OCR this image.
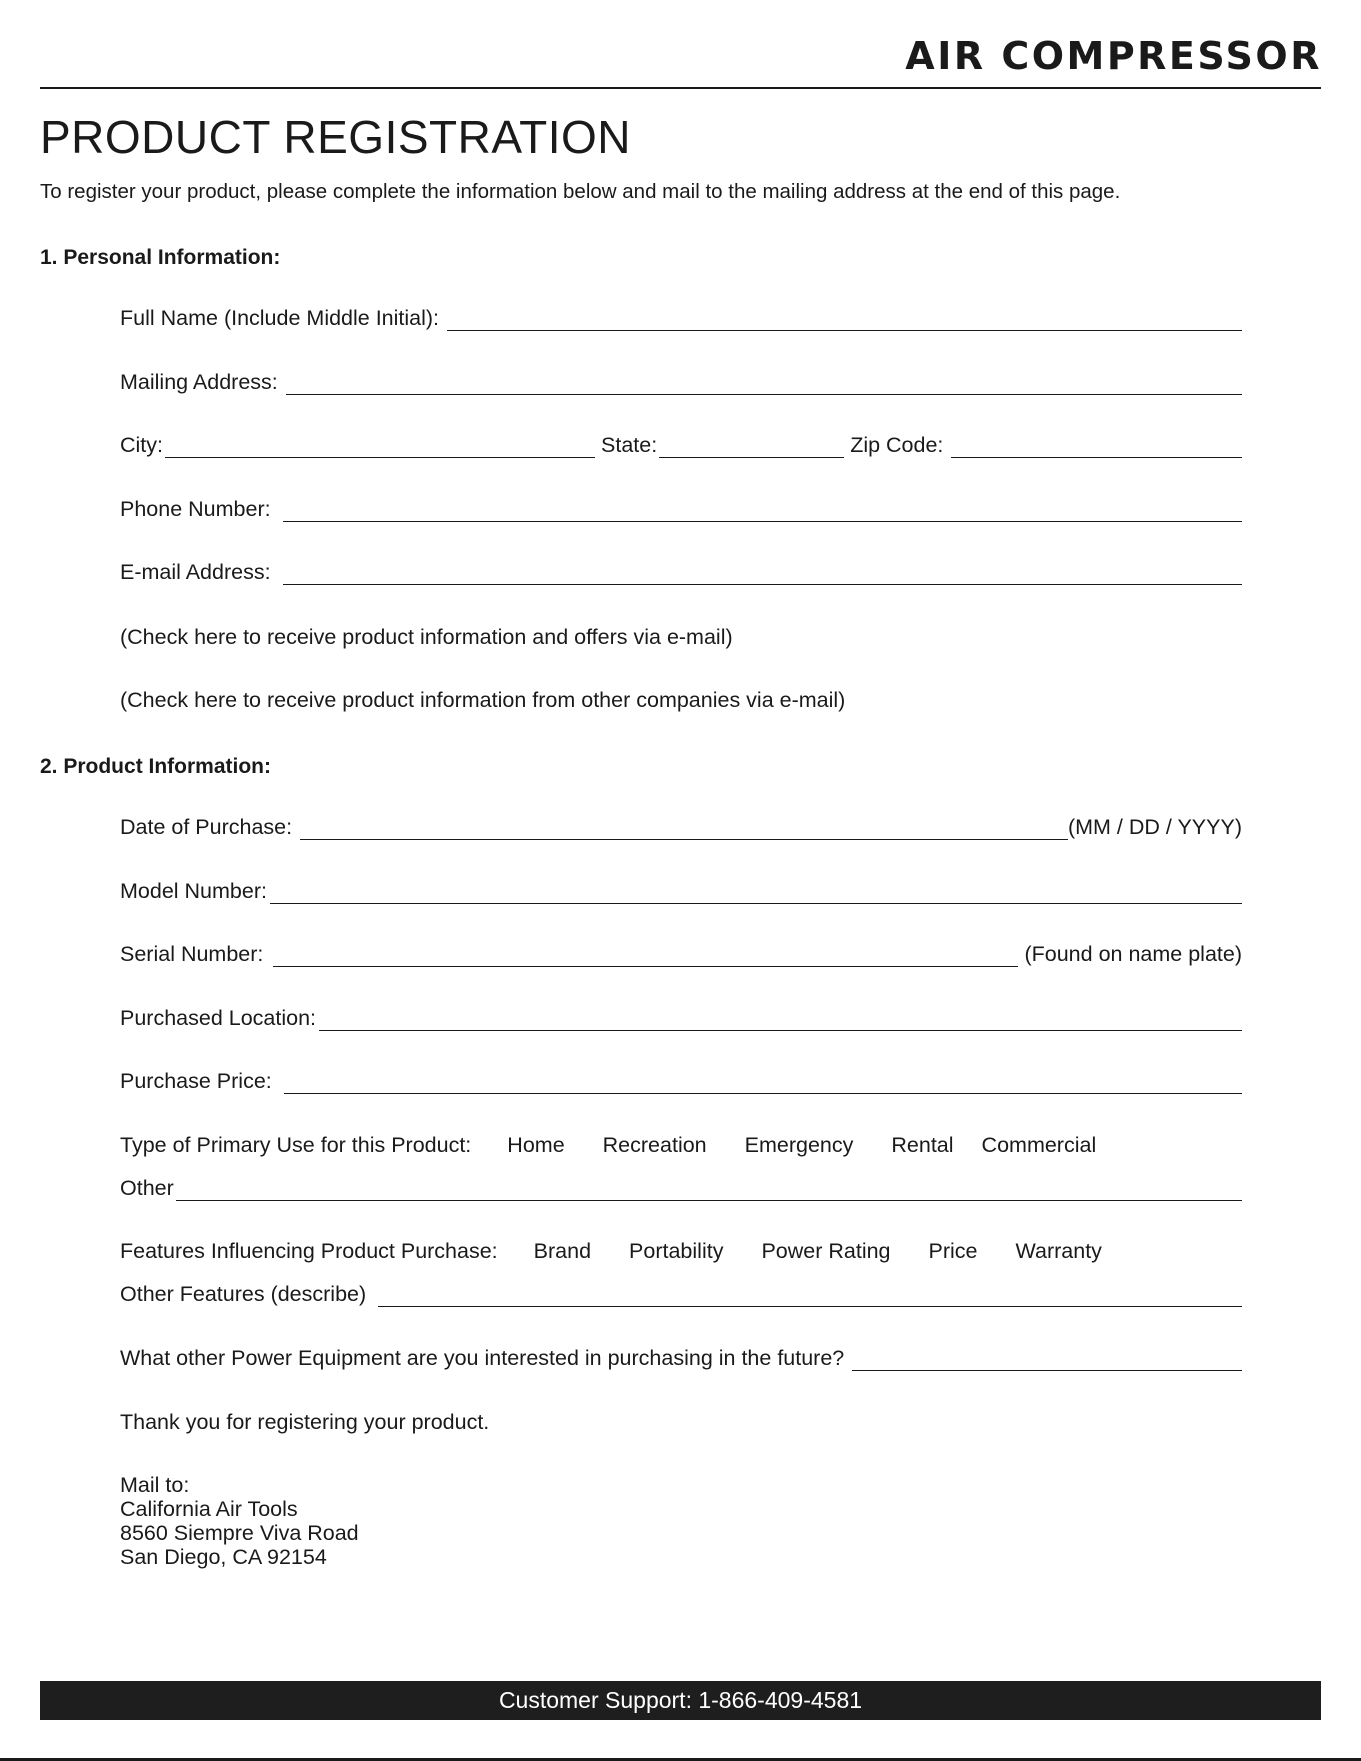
AIR COMPRESSOR
PRODUCT REGISTRATION
To register your product, please complete the information below and mail to the mailing address at the end of this page.
1. Personal Information:
Full Name (Include Middle Initial):
Mailing Address:
City:	State:	Zip Code:
Phone Number:
E-mail Address:
(Check here to receive product information and offers via e-mail)
(Check here to receive product information from other companies via e-mail)
2. Product Information:
Date of Purchase:	(MM / DD / YYYY)
Model Number:
Serial Number:	(Found on name plate)
Purchased Location:
Purchase Price:
Type of Primary Use for this Product: Home Recreation Emergency Rental Commercial
Other
Features Influencing Product Purchase: Brand Portability Power Rating Price Warranty
Other Features (describe)
What other Power Equipment are you interested in purchasing in the future?
Thank you for registering your product.
Mail to:
California Air Tools
8560 Siempre Viva Road
San Diego, CA 92154
Customer Support: 1-866-409-4581
